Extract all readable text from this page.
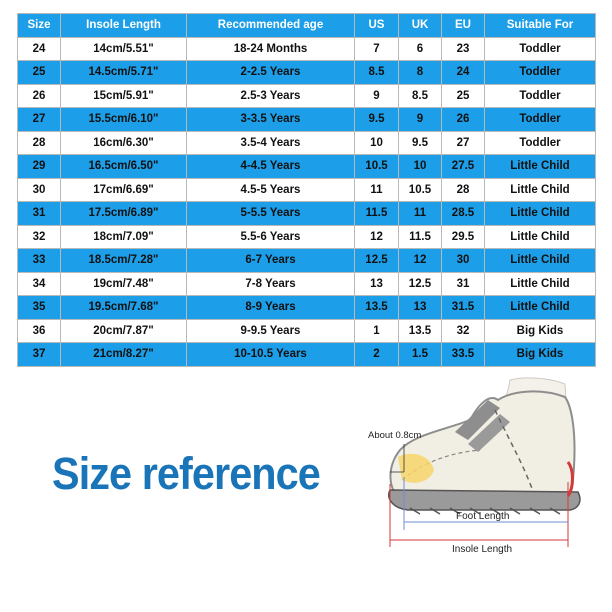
Size	Insole Length	Recommended age	US	UK	EU	Suitable For
24	14cm/5.51"	18-24 Months	7	6	23	Toddler
25	14.5cm/5.71"	2-2.5 Years	8.5	8	24	Toddler
26	15cm/5.91"	2.5-3 Years	9	8.5	25	Toddler
27	15.5cm/6.10"	3-3.5 Years	9.5	9	26	Toddler
28	16cm/6.30"	3.5-4 Years	10	9.5	27	Toddler
29	16.5cm/6.50"	4-4.5 Years	10.5	10	27.5	Little Child
30	17cm/6.69"	4.5-5 Years	11	10.5	28	Little Child
31	17.5cm/6.89"	5-5.5 Years	11.5	11	28.5	Little Child
32	18cm/7.09"	5.5-6 Years	12	11.5	29.5	Little Child
33	18.5cm/7.28"	6-7 Years	12.5	12	30	Little Child
34	19cm/7.48"	7-8 Years	13	12.5	31	Little Child
35	19.5cm/7.68"	8-9 Years	13.5	13	31.5	Little Child
36	20cm/7.87"	9-9.5 Years	1	13.5	32	Big Kids
37	21cm/8.27"	10-10.5 Years	2	1.5	33.5	Big Kids
Size reference
About 0.8cm
Foot Length
Insole Length
